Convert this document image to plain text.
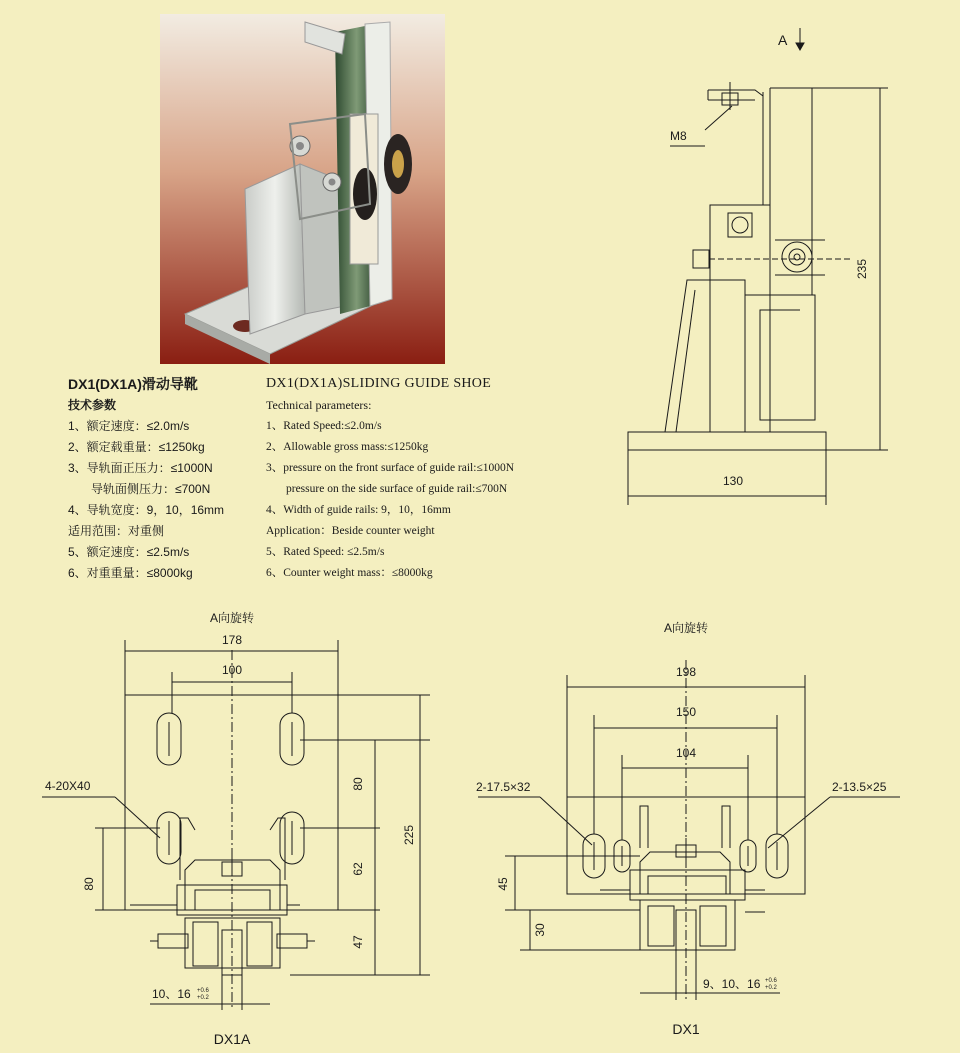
DX1(DX1A)滑动导靴
技术参数
1、额定速度：≤2.0m/s
2、额定载重量：≤1250kg
3、导轨面正压力：≤1000N
导轨面侧压力：≤700N
4、导轨宽度：9，10，16mm
适用范围：对重侧
5、额定速度：≤2.5m/s
6、对重重量：≤8000kg
DX1(DX1A)SLIDING GUIDE SHOE
Technical parameters:
1、Rated Speed:≤2.0m/s
2、Allowable gross mass:≤1250kg
3、pressure on the front surface of guide rail:≤1000N
pressure on the side surface of guide rail:≤700N
4、Width of guide rails: 9，10，16mm
Application：Beside counter weight
5、Rated Speed: ≤2.5m/s
6、Counter weight mass：≤8000kg
A
M8
235
130
A向旋转
178
100
4-20X40	80
62
47
225
80
10、16 +0.6
+0.2
DX1A
A向旋转
198
150
104
2-17.5×32	2-13.5×25
45
30
9、10、16 +0.6
+0.2
DX1
